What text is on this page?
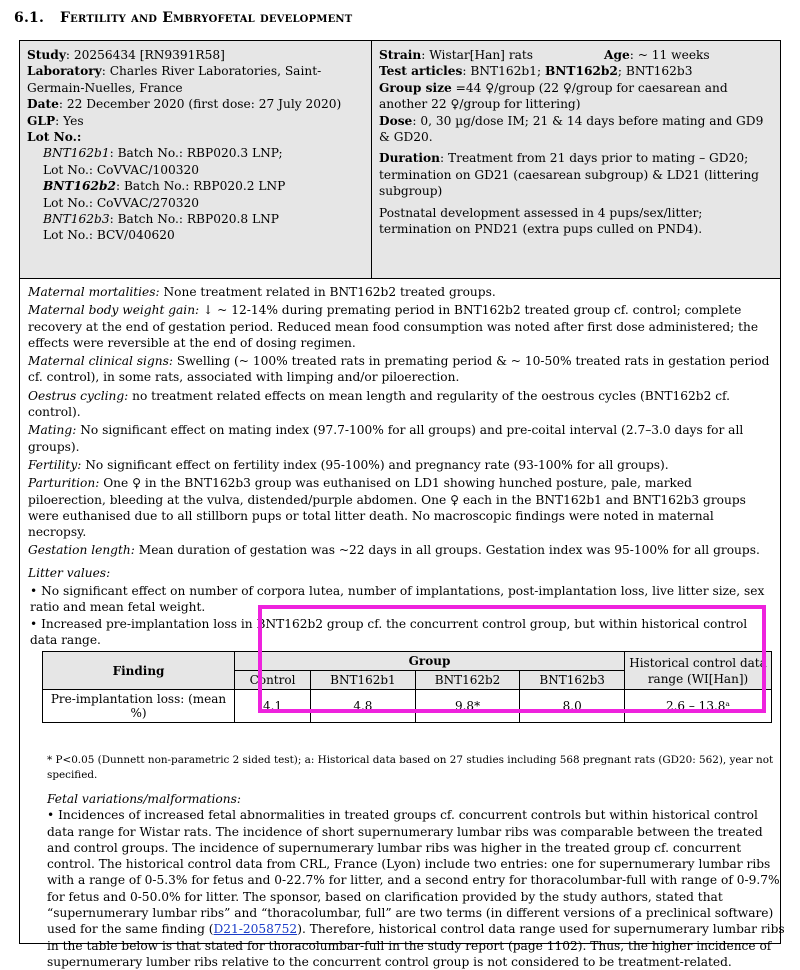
6.1. Fertility and Embryofetal development
Study: 20256434 [RN9391R58]
Laboratory: Charles River Laboratories, Saint-Germain-Nuelles, France
Date: 22 December 2020 (first dose: 27 July 2020)
GLP: Yes
Lot No.:
BNT162b1: Batch No.: RBP020.3 LNP;
Lot No.: CoVVAC/100320
BNT162b2: Batch No.: RBP020.2 LNP
Lot No.: CoVVAC/270320
BNT162b3: Batch No.: RBP020.8 LNP
Lot No.: BCV/040620
Strain: Wistar[Han] rats	Age: ~ 11 weeks
Test articles: BNT162b1; BNT162b2; BNT162b3
Group size =44 ♀/group (22 ♀/group for caesarean and another 22 ♀/group for littering)
Dose: 0, 30 µg/dose IM; 21 & 14 days before mating and GD9 & GD20.
Duration: Treatment from 21 days prior to mating – GD20; termination on GD21 (caesarean subgroup) & LD21 (littering subgroup)
Postnatal development assessed in 4 pups/sex/litter; termination on PND21 (extra pups culled on PND4).

Maternal mortalities: None treatment related in BNT162b2 treated groups.

Maternal body weight gain: ↓ ~ 12-14% during premating period in BNT162b2 treated group cf. control; complete recovery at the end of gestation period. Reduced mean food consumption was noted after first dose administered; the effects were reversible at the end of dosing regimen.

Maternal clinical signs: Swelling (~ 100% treated rats in premating period & ~ 10-50% treated rats in gestation period cf. control), in some rats, associated with limping and/or piloerection.

Oestrus cycling: no treatment related effects on mean length and regularity of the oestrous cycles (BNT162b2 cf. control).

Mating: No significant effect on mating index (97.7-100% for all groups) and pre-coital interval (2.7–3.0 days for all groups).

Fertility: No significant effect on fertility index (95-100%) and pregnancy rate (93-100% for all groups).

Parturition: One ♀ in the BNT162b3 group was euthanised on LD1 showing hunched posture, pale, marked piloerection, bleeding at the vulva, distended/purple abdomen. One ♀ each in the BNT162b1 and BNT162b3 groups were euthanised due to all stillborn pups or total litter death. No macroscopic findings were noted in maternal necropsy.

Gestation length: Mean duration of gestation was ~22 days in all groups. Gestation index was 95-100% for all groups.

Litter values:

• No significant effect on number of corpora lutea, number of implantations, post-implantation loss, live litter size, sex ratio and mean fetal weight.

• Increased pre-implantation loss in BNT162b2 group cf. the concurrent control group, but within historical control data range.

Finding	Group				Historical control data range (WI[Han])
	Control	BNT162b1	BNT162b2	BNT162b3	
Pre-implantation loss: (mean %)	4.1	4.8	9.8*	8.0	2.6 – 13.8ᵃ
* P<0.05 (Dunnett non-parametric 2 sided test); a: Historical data based on 27 studies including 568 pregnant rats (GD20: 562), year not specified.

Fetal variations/malformations:

• Incidences of increased fetal abnormalities in treated groups cf. concurrent controls but within historical control data range for Wistar rats. The incidence of short supernumerary lumbar ribs was comparable between the treated and control groups. The incidence of supernumerary lumbar ribs was higher in the treated group cf. concurrent control. The historical control data from CRL, France (Lyon) include two entries: one for supernumerary lumbar ribs with a range of 0-5.3% for fetus and 0-22.7% for litter, and a second entry for thoracolumbar-full with range of 0-9.7% for fetus and 0-50.0% for litter. The sponsor, based on clarification provided by the study authors, stated that “supernumerary lumbar ribs” and “thoracolumbar, full” are two terms (in different versions of a preclinical software) used for the same finding (D21-2058752). Therefore, historical control data range used for supernumerary lumbar ribs in the table below is that stated for thoracolumbar-full in the study report (page 1102). Thus, the higher incidence of supernumerary lumber ribs relative to the concurrent control group is not considered to be treatment-related.
